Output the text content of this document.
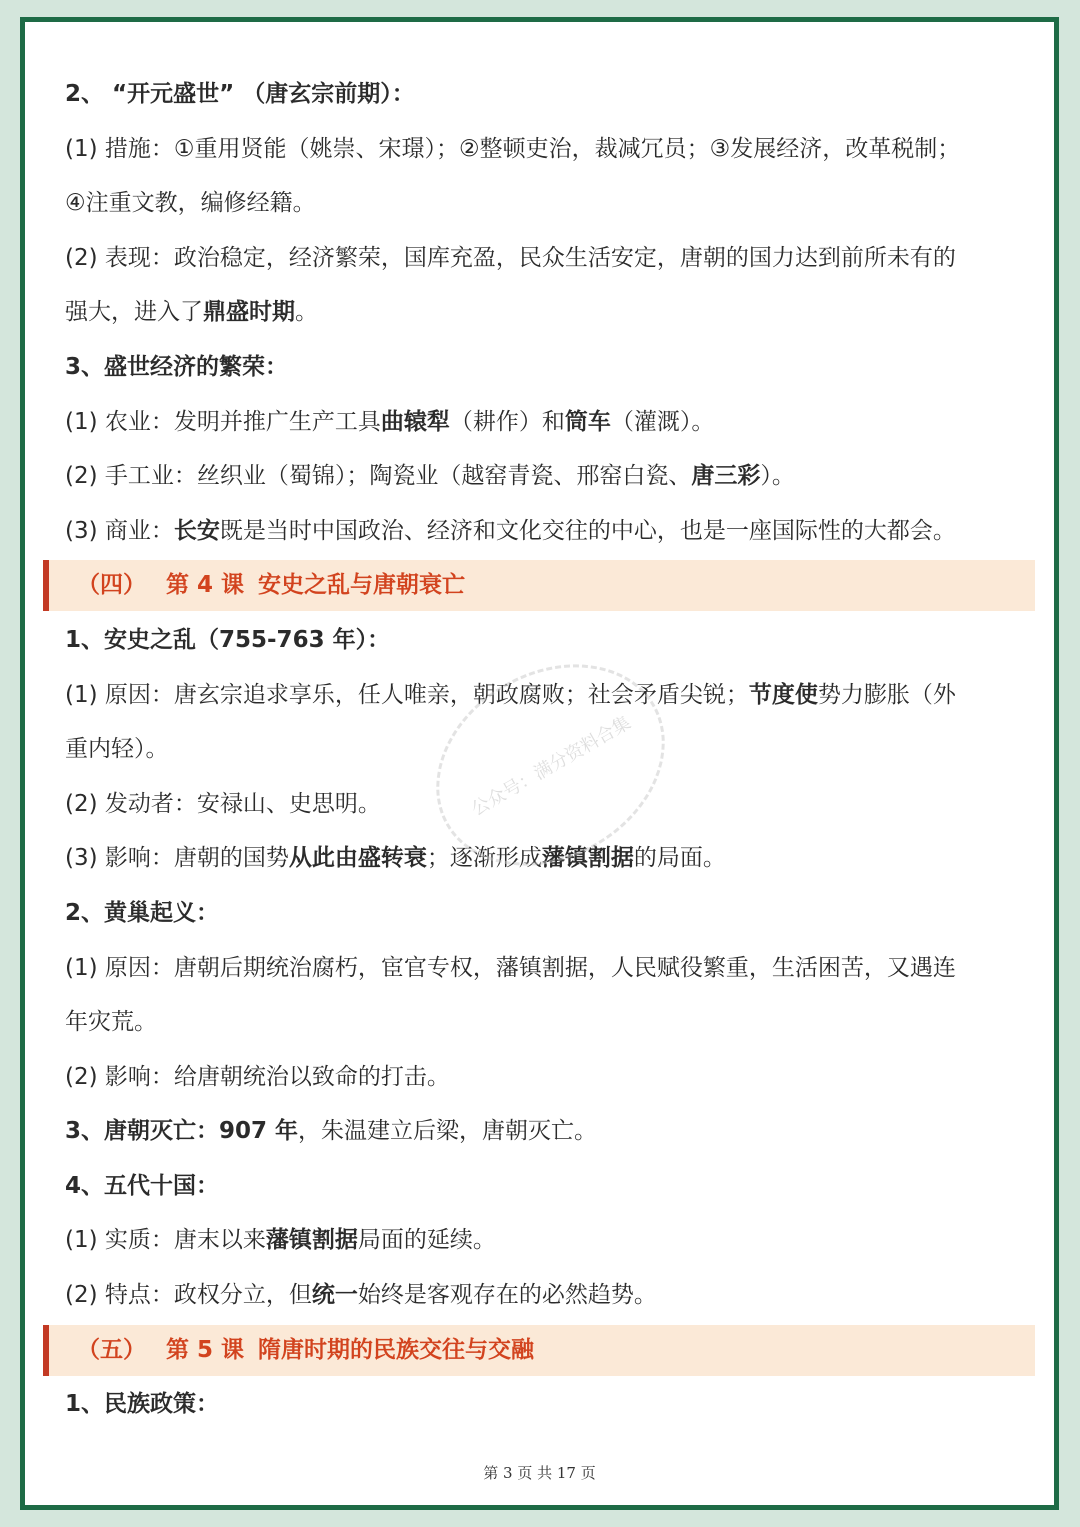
2、 “开元盛世” （唐玄宗前期）：
(1) 措施：①重用贤能（姚崇、宋璟）；②整顿吏治，裁减冗员；③发展经济，改革税制；
④注重文教，编修经籍。
(2) 表现：政治稳定，经济繁荣，国库充盈，民众生活安定，唐朝的国力达到前所未有的
强大，进入了鼎盛时期。
3、盛世经济的繁荣：
(1) 农业：发明并推广生产工具曲辕犁（耕作）和筒车（灌溉）。
(2) 手工业：丝织业（蜀锦）；陶瓷业（越窑青瓷、邢窑白瓷、唐三彩）。
(3) 商业：长安既是当时中国政治、经济和文化交往的中心，也是一座国际性的大都会。
（四） 第 4 课 安史之乱与唐朝衰亡
1、安史之乱（755-763 年）：
(1) 原因：唐玄宗追求享乐，任人唯亲，朝政腐败；社会矛盾尖锐；节度使势力膨胀（外
重内轻）。
(2) 发动者：安禄山、史思明。
(3) 影响：唐朝的国势从此由盛转衰；逐渐形成藩镇割据的局面。
2、黄巢起义：
(1) 原因：唐朝后期统治腐朽，宦官专权，藩镇割据，人民赋役繁重，生活困苦，又遇连
年灾荒。
(2) 影响：给唐朝统治以致命的打击。
3、唐朝灭亡：907 年，朱温建立后梁，唐朝灭亡。
4、五代十国：
(1) 实质：唐末以来藩镇割据局面的延续。
(2) 特点：政权分立，但统一始终是客观存在的必然趋势。
（五） 第 5 课 隋唐时期的民族交往与交融
1、民族政策：
公众号：满分资料合集
第 3 页 共 17 页
